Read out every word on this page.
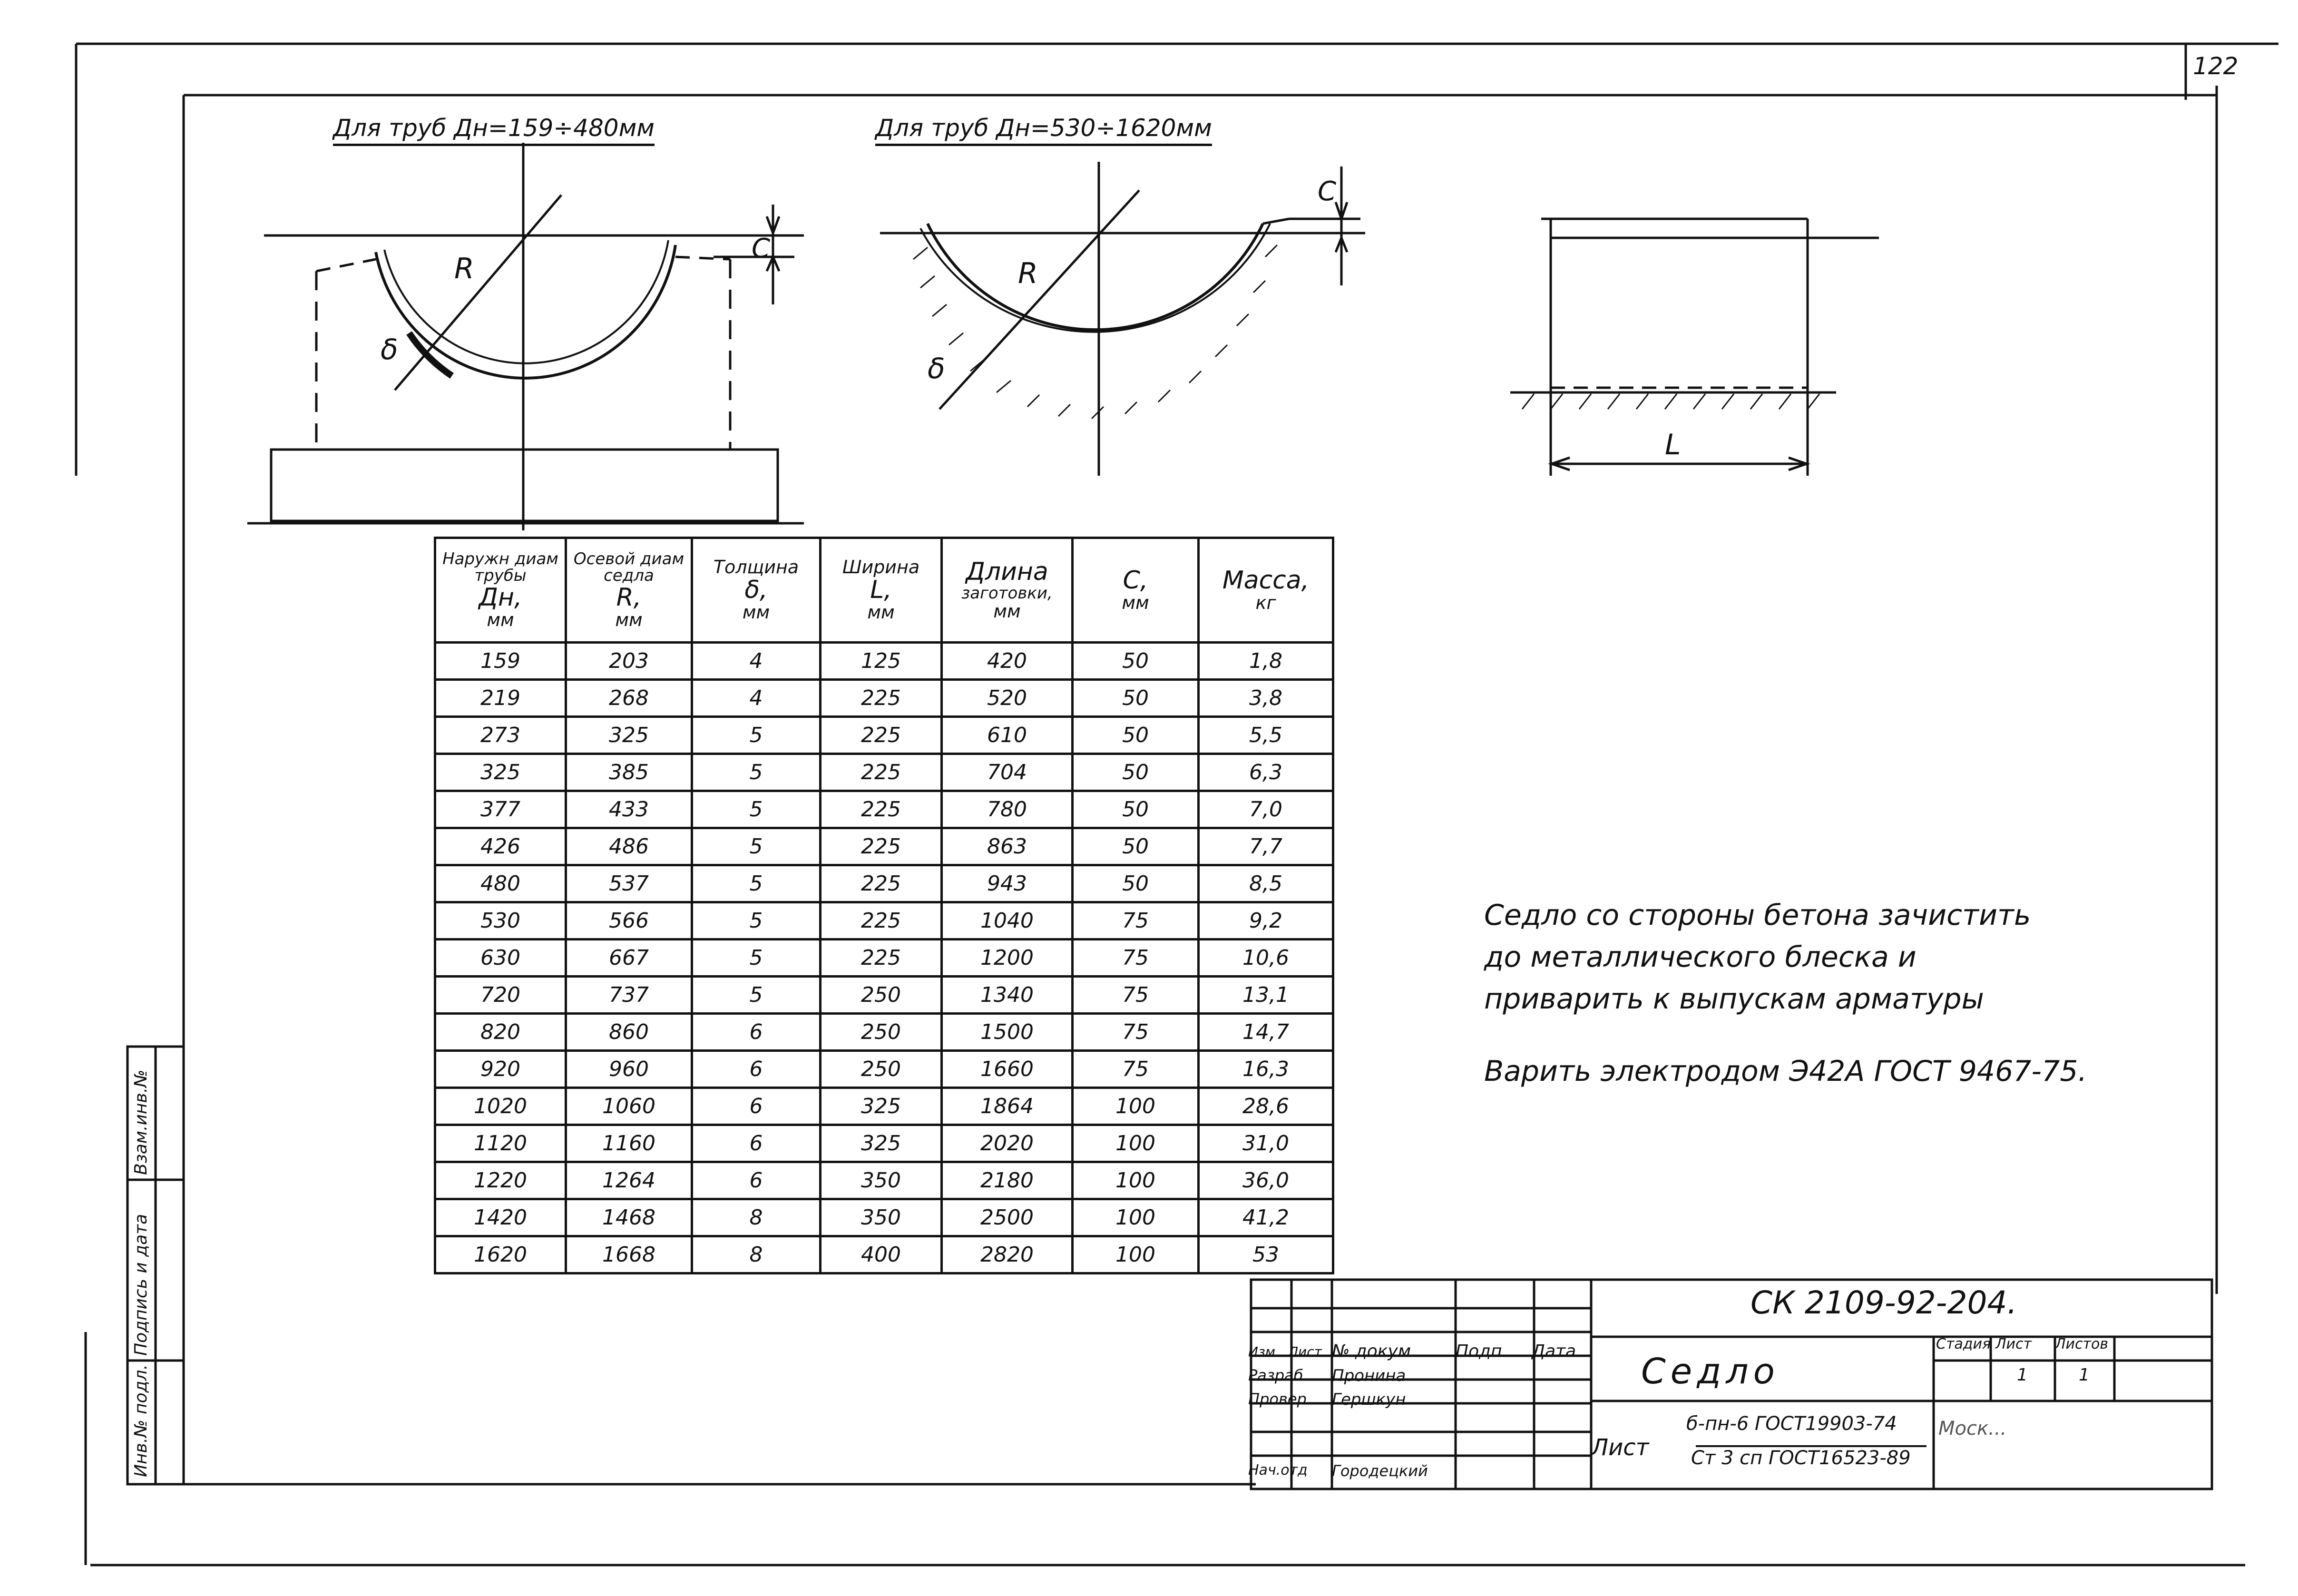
Для труб Дн=159÷480мм	Для труб Дн=530÷1620мм
R
δ
C
R
δ
C
L
122
Наружн диам
трубы
Дн,
мм	Осевой диам
седла
R,
мм	Толщина
δ,
мм	Ширина
L,
мм	Длина
заготовки,
мм	C,
мм	Масса,
кг

159	203	4	125	420	50	1,8
219	268	4	225	520	50	3,8
273	325	5	225	610	50	5,5
325	385	5	225	704	50	6,3
377	433	5	225	780	50	7,0
426	486	5	225	863	50	7,7
480	537	5	225	943	50	8,5
530	566	5	225	1040	75	9,2
630	667	5	225	1200	75	10,6
720	737	5	250	1340	75	13,1
820	860	6	250	1500	75	14,7
920	960	6	250	1660	75	16,3
1020	1060	6	325	1864	100	28,6
1120	1160	6	325	2020	100	31,0
1220	1264	6	350	2180	100	36,0
1420	1468	8	350	2500	100	41,2
1620	1668	8	400	2820	100	53

Седло со стороны бетона зачистить

до металлического блеска и

приварить к выпускам арматуры

Варить электродом Э42А ГОСТ 9467-75.

СК 2109-92-204.
Седло
Лист
б-пн-6 ГОСТ19903-74
Ст 3 сп ГОСТ16523-89
Моск...
Изм Лист № докум	Подп Дата
Разраб Пронина
Провер Гершкун
Нач.отд Городецкий
Стадия Лист Листов
1	1
Инв.№ подл.
Подпись и дата
Взам.инв.№
